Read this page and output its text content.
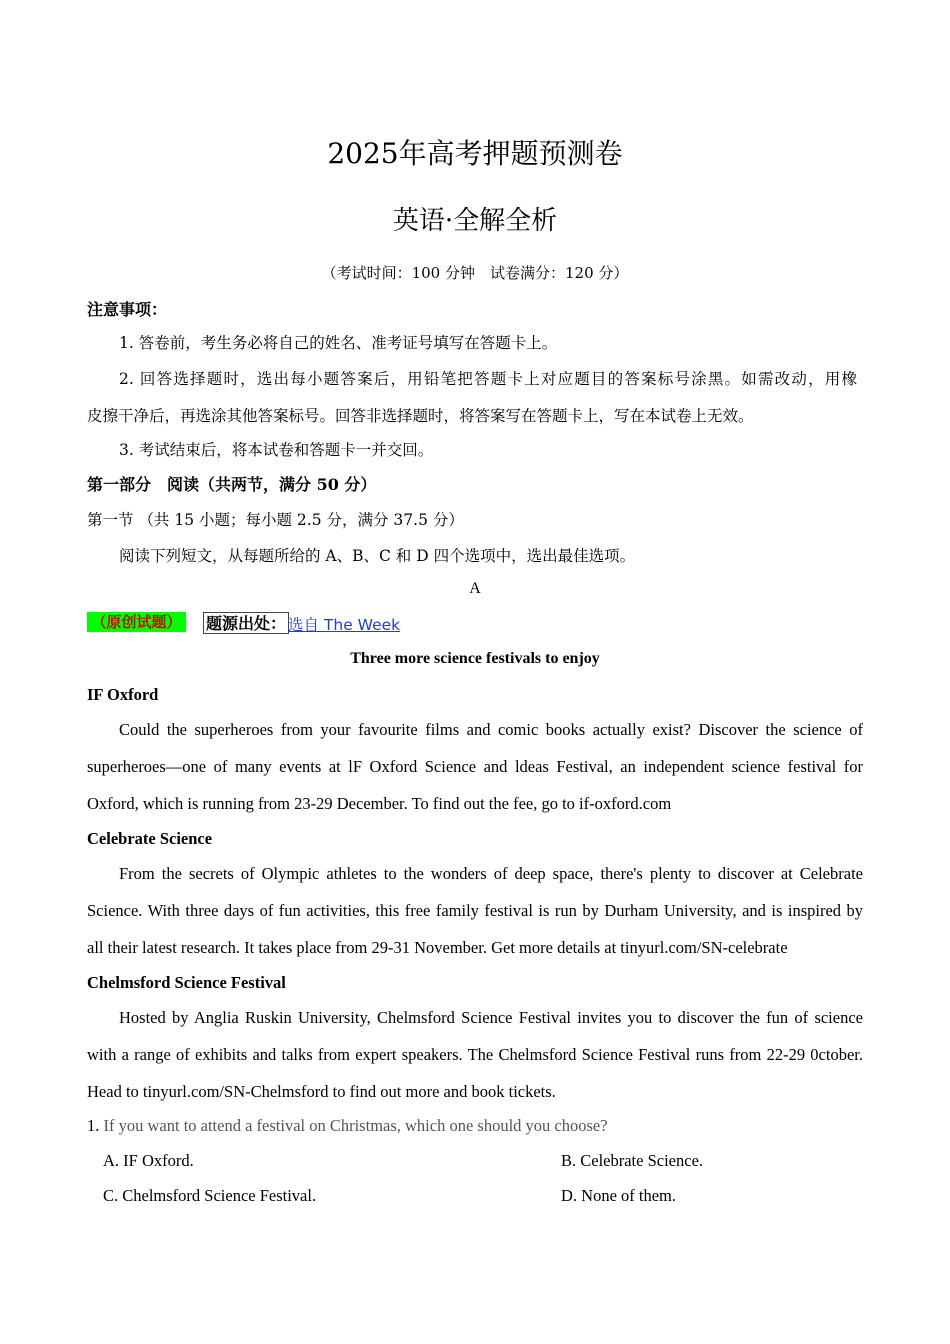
2025年高考押题预测卷
英语·全解全析
（考试时间：100 分钟　试卷满分：120 分）
注意事项：
1. 答卷前，考生务必将自己的姓名、准考证号填写在答题卡上。
2. 回答选择题时，选出每小题答案后，用铅笔把答题卡上对应题目的答案标号涂黑。如需改动，用橡
皮擦干净后，再选涂其他答案标号。回答非选择题时，将答案写在答题卡上，写在本试卷上无效。
3. 考试结束后，将本试卷和答题卡一并交回。
第一部分　阅读（共两节，满分 50 分）
第一节 （共 15 小题；每小题 2.5 分，满分 37.5 分）
阅读下列短文，从每题所给的 A、B、C 和 D 四个选项中，选出最佳选项。
A
（原创试题） 题源出处： 选自 The Week
Three more science festivals to enjoy
IF Oxford
Could the superheroes from your favourite films and comic books actually exist? Discover the science of
superheroes—one of many events at lF Oxford Science and ldeas Festival, an independent science festival for
Oxford, which is running from 23-29 December. To find out the fee, go to if-oxford.com
Celebrate Science
From the secrets of Olympic athletes to the wonders of deep space, there's plenty to discover at Celebrate
Science. With three days of fun activities, this free family festival is run by Durham University, and is inspired by
all their latest research. It takes place from 29-31 November. Get more details at tinyurl.com/SN-celebrate
Chelmsford Science Festival
Hosted by Anglia Ruskin University, Chelmsford Science Festival invites you to discover the fun of science
with a range of exhibits and talks from expert speakers. The Chelmsford Science Festival runs from 22-29 0ctober.
Head to tinyurl.com/SN-Chelmsford to find out more and book tickets.
1. If you want to attend a festival on Christmas, which one should you choose?
A. IF Oxford.	B. Celebrate Science.
C. Chelmsford Science Festival.	D. None of them.
